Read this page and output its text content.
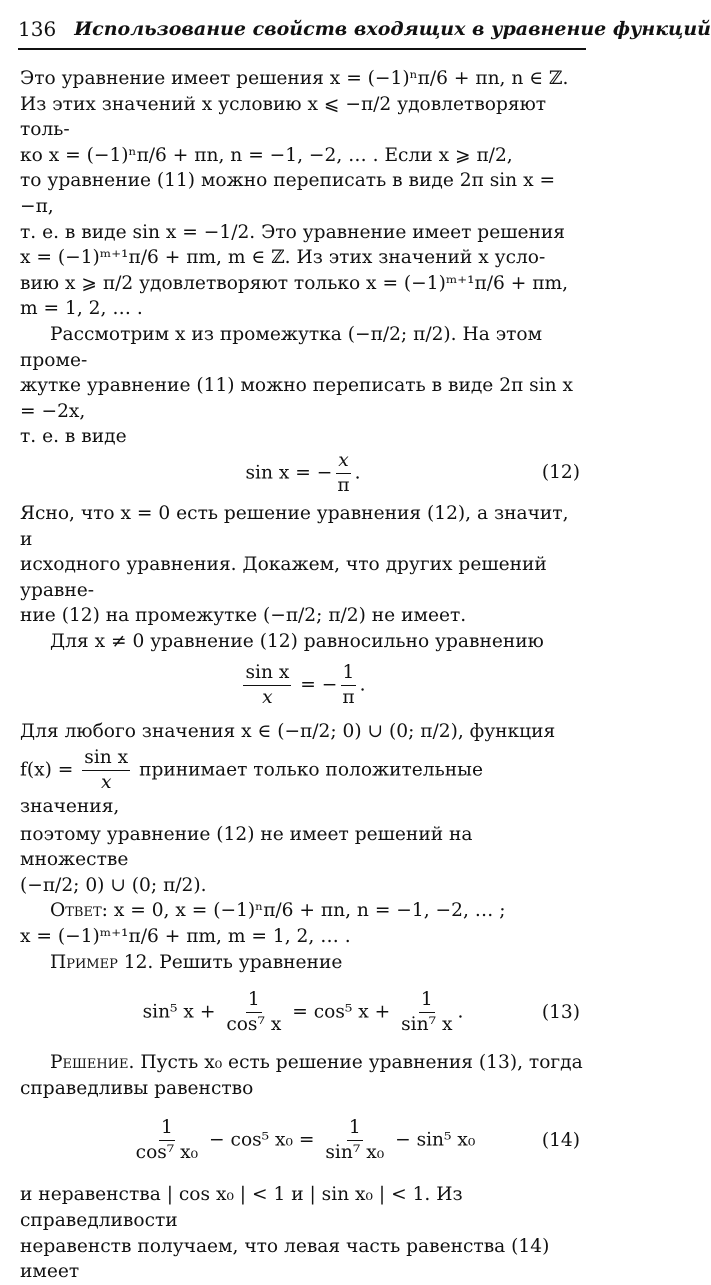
136 Использование свойств входящих в уравнение функций
Это уравнение имеет решения x = (−1)ⁿπ/6 + πn, n ∈ ℤ.
Из этих значений x условию x ⩽ −π/2 удовлетворяют толь-
ко x = (−1)ⁿπ/6 + πn, n = −1, −2, … . Если x ⩾ π/2,
то уравнение (11) можно переписать в виде 2π sin x = −π,
т. е. в виде sin x = −1/2. Это уравнение имеет решения
x = (−1)ᵐ⁺¹π/6 + πm, m ∈ ℤ. Из этих значений x усло-
вию x ⩾ π/2 удовлетворяют только x = (−1)ᵐ⁺¹π/6 + πm,
m = 1, 2, … .
Рассмотрим x из промежутка (−π/2; π/2). На этом проме-
жутке уравнение (11) можно переписать в виде 2π sin x = −2x,
т. е. в виде
sin x = − $\frac{x}{\pi}$ .	(12)
Ясно, что x = 0 есть решение уравнения (12), а значит, и
исходного уравнения. Докажем, что других решений уравне-
ние (12) на промежутке (−π/2; π/2) не имеет.
Для x ≠ 0 уравнение (12) равносильно уравнению
$\frac{\text{sin x}}{x}$ = − $\frac{1}{\pi}$ .
Для любого значения x ∈ (−π/2; 0) ∪ (0; π/2), функция
$f(x) = \frac{\text{sin x}}{x}$ принимает только положительные значения,
поэтому уравнение (12) не имеет решений на множестве
(−π/2; 0) ∪ (0; π/2).
Ответ: x = 0, x = (−1)ⁿπ/6 + πn, n = −1, −2, … ;
x = (−1)ᵐ⁺¹π/6 + πm, m = 1, 2, … .
Пример 12. Решить уравнение
sin⁵ $x + \frac{1}{\text{cos⁷ x}} = \cos^5$ $x + \frac{1}{\text{sin⁷ x}}$ .	(13)
Решение. Пусть x₀ есть решение уравнения (13), тогда
справедливы равенство
$\frac{1}{\text{cos⁷ x₀}} - \cos^5$ $x_0 = \frac{1}{\text{sin⁷ x₀}} - \sin^5$ x₀	(14)
и неравенства | cos x₀ | < 1 и | sin x₀ | < 1. Из справедливости
неравенств получаем, что левая часть равенства (14) имеет
